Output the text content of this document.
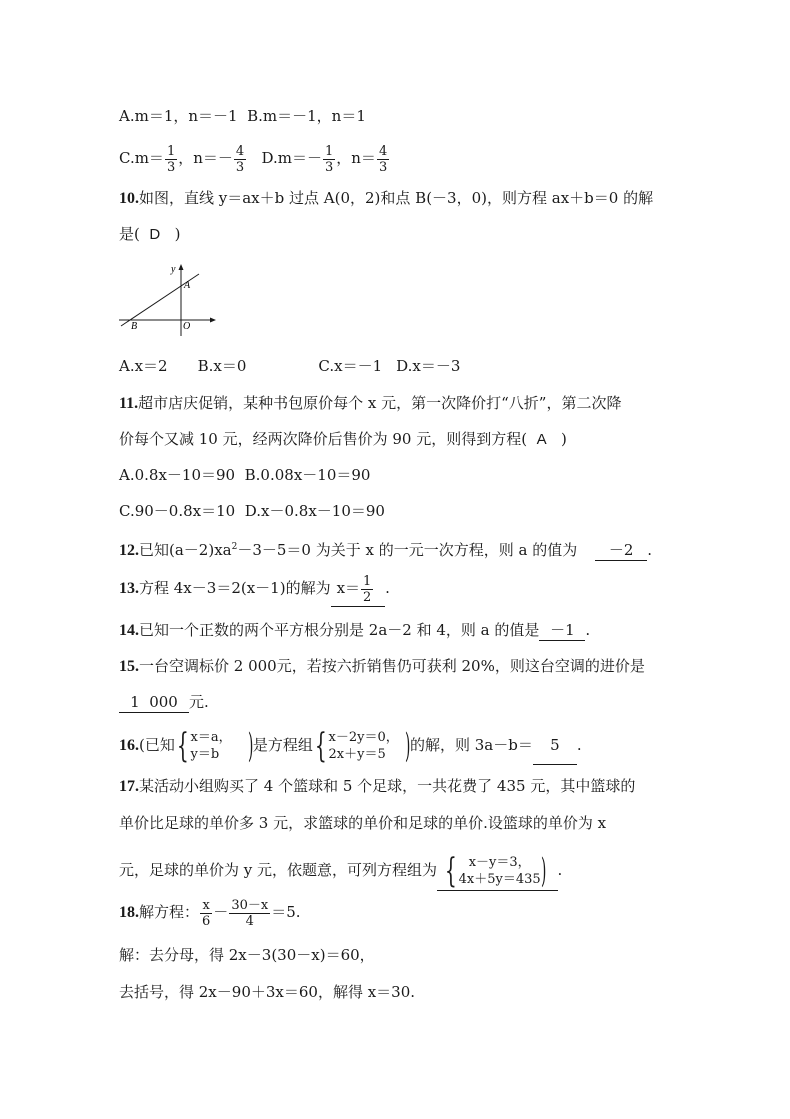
A.m＝1，n＝－1 B.m＝－1，n＝1
$C.m= \frac{1}{3}$ ，$n=- \frac{4}{3} D.m=- \frac{1}{3}$ ，$n= \frac{4}{3}$
10.如图，直线 y＝ax＋b 过点 A(0，2)和点 B(－3，0)，则方程 ax＋b＝0 的解
是( D )
y
A
B	O
A.x＝2 B.x＝0	C.x＝－1 D.x＝－3
11.超市店庆促销，某种书包原价每个 x 元，第一次降价打“八折”，第二次降
价每个又减 10 元，经两次降价后售价为 90 元，则得到方程( A )
A.0.8x－10＝90 B.0.08x－10＝90
C.90－0.8x＝10 D.x－0.8x－10＝90
12.已知$(a-2)xa^2-3-5=0$ 为关于 x 的一元一次方程，则 a 的值为 －2 .
13.方程 4x－3＝2(x－1)的解为 $x= \frac{1}{2}$ .
14.已知一个正数的两个平方根分别是 2a－2 和 4，则 a 的值是 －1 .
15.一台空调标价 2 000元，若按六折销售仍可获利 20%，则这台空调的进价是
1  000 元.
16.(已知 { x＝a，
y＝b ) 是方程组 { x－2y＝0，
2x＋y＝5 ) 的解，则 3a－b＝ 5 .
17.某活动小组购买了 4 个篮球和 5 个足球，一共花费了 435 元，其中篮球的
单价比足球的单价多 3 元，求篮球的单价和足球的单价.设篮球的单价为 x
元，足球的单价为 y 元，依题意，可列方程组为 { x－y＝3，
4x＋5y＝435 ) .
18.解方程： $\frac{x}{6} - \frac{30-x}{4} =5$.
解：去分母，得 2x－3(30－x)＝60，
去括号，得 2x－90＋3x＝60，解得 x＝30.
